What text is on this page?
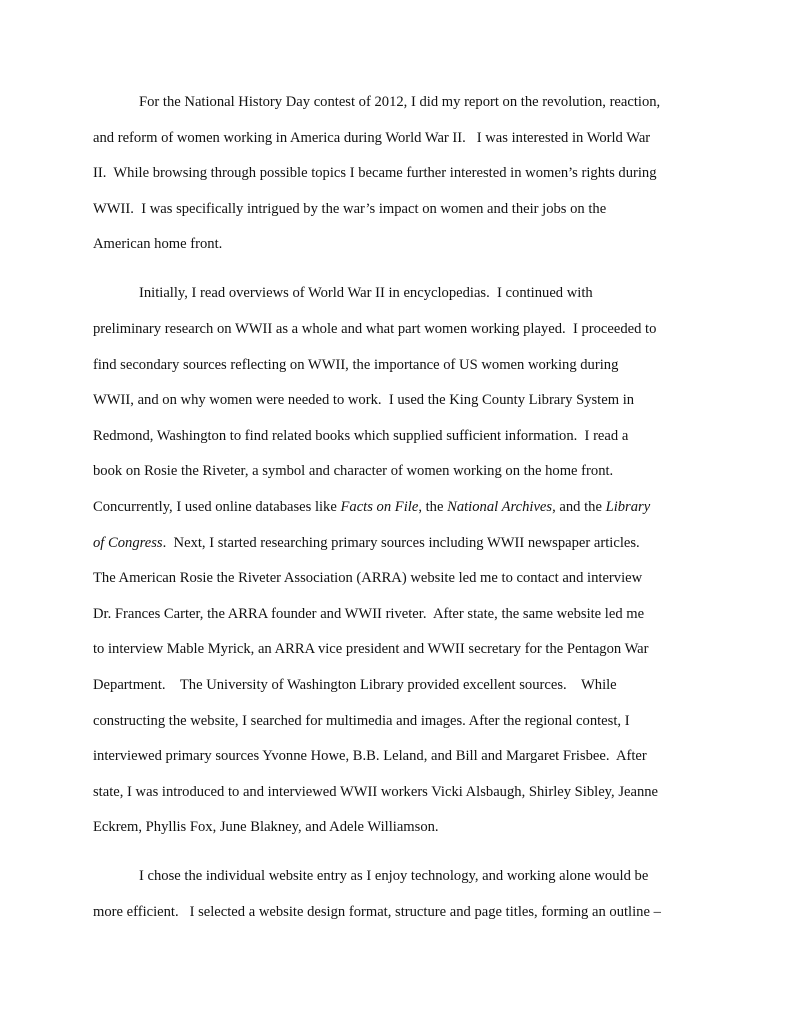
For the National History Day contest of 2012, I did my report on the revolution, reaction,
and reform of women working in America during World War II.   I was interested in World War
II.  While browsing through possible topics I became further interested in women’s rights during
WWII.  I was specifically intrigued by the war’s impact on women and their jobs on the
American home front.
Initially, I read overviews of World War II in encyclopedias.  I continued with
preliminary research on WWII as a whole and what part women working played.  I proceeded to
find secondary sources reflecting on WWII, the importance of US women working during
WWII, and on why women were needed to work.  I used the King County Library System in
Redmond, Washington to find related books which supplied sufficient information.  I read a
book on Rosie the Riveter, a symbol and character of women working on the home front.
Concurrently, I used online databases like Facts on File, the National Archives, and the Library
of Congress.  Next, I started researching primary sources including WWII newspaper articles.
The American Rosie the Riveter Association (ARRA) website led me to contact and interview
Dr. Frances Carter, the ARRA founder and WWII riveter.  After state, the same website led me
to interview Mable Myrick, an ARRA vice president and WWII secretary for the Pentagon War
Department.    The University of Washington Library provided excellent sources.    While
constructing the website, I searched for multimedia and images. After the regional contest, I
interviewed primary sources Yvonne Howe, B.B. Leland, and Bill and Margaret Frisbee.  After
state, I was introduced to and interviewed WWII workers Vicki Alsbaugh, Shirley Sibley, Jeanne
Eckrem, Phyllis Fox, June Blakney, and Adele Williamson.
I chose the individual website entry as I enjoy technology, and working alone would be
more efficient.   I selected a website design format, structure and page titles, forming an outline –
